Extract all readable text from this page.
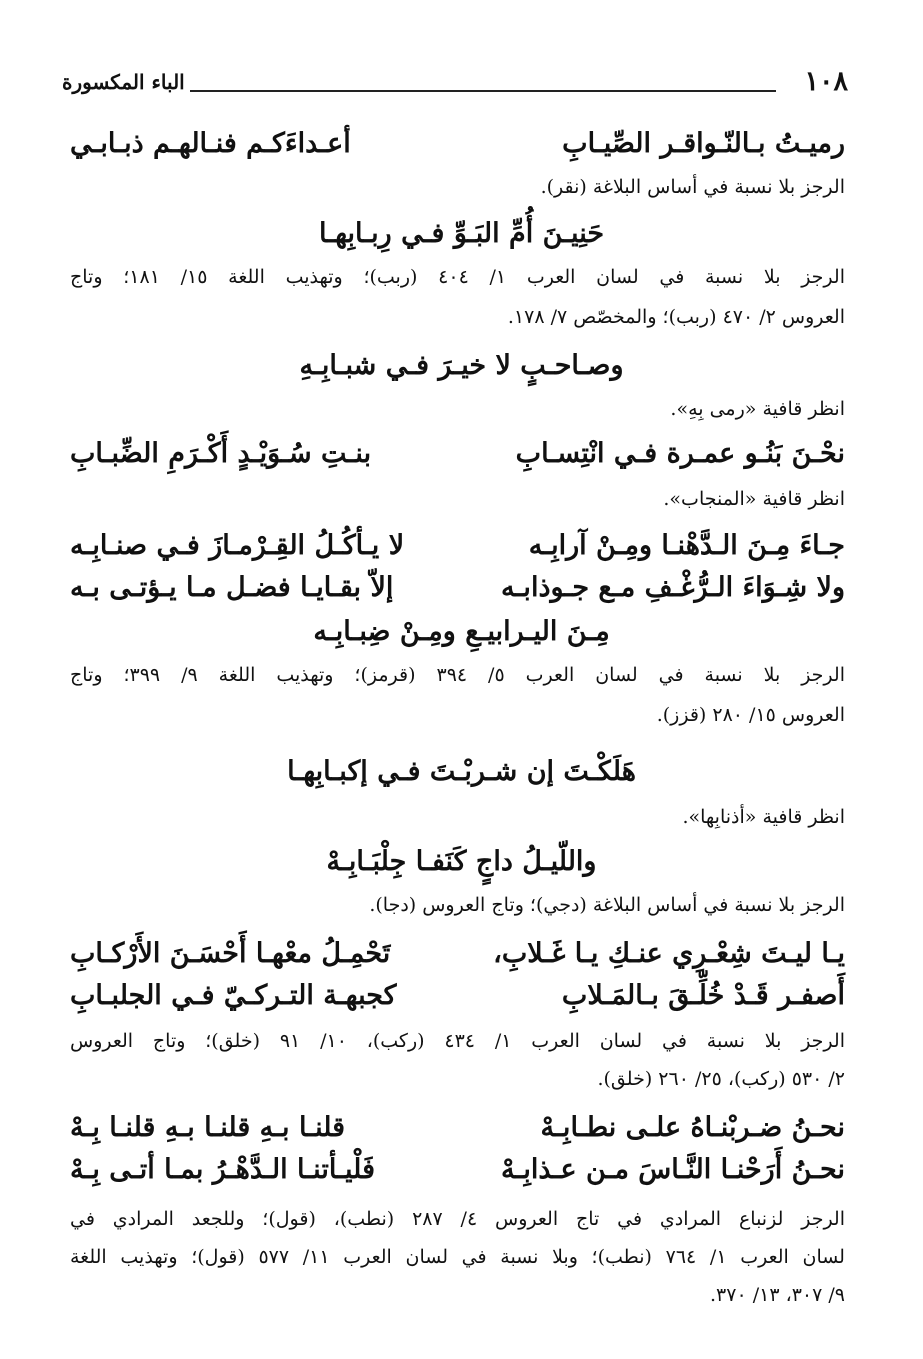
١٠٨
الباء المكسورة
رميـتُ بـالنّـواقـر الصِّيـابِ
أعـداءَكـم فنـالهـم ذبـابـي
الرجز بلا نسبة في أساس البلاغة (نقر).
حَنِيـنَ أُمِّ البَـوِّ فـي رِبـابِهـا
الرجز بلا نسبة في لسان العرب ١/ ٤٠٤ (ربب)؛ وتهذيب اللغة ١٥/ ١٨١؛ وتاج
العروس ٢/ ٤٧٠ (ربب)؛ والمخصّص ٧/ ١٧٨.
وصـاحـبٍ لا خيـرَ فـي شبـابِـهِ
انظر قافية «رمى بِهِ».
نحْـنَ بَنُـو عمـرة فـي انْتِسـابِ
بنـتِ سُـوَيْـدٍ أَكْـرَمِ الضِّبـابِ
انظر قافية «المنجاب».
جـاءَ مِـنَ الـدَّهْنـا ومِـنْ آرابِـه
لا يـأكُـلُ القِـرْمـازَ فـي صنـابِـه
ولا شِـوَاءَ الـرُّغْـفِ مـع جـوذابـه
إلاّ بقـايـا فضـل مـا يـؤتـى بـه
مِـنَ اليـرابيـعِ ومِـنْ ضِبـابِـه
الرجز بلا نسبة في لسان العرب ٥/ ٣٩٤ (قرمز)؛ وتهذيب اللغة ٩/ ٣٩٩؛ وتاج
العروس ١٥/ ٢٨٠ (قزز).
هَلَكْـتَ إن شـربْـتَ فـي إكبـابِهـا
انظر قافية «أذنابِها».
واللّيـلُ داجٍ كَنَفـا جِلْبَـابِـهْ
الرجز بلا نسبة في أساس البلاغة (دجي)؛ وتاج العروس (دجا).
يـا ليـتَ شِعْـرِي عنـكِ يـا غَـلابِ،
تَحْمِـلُ معْهـا أَحْسَـنَ الأَرْكـابِ
أَصفـر قَـدْ خُلِّـقَ بـالمَـلابِ
كجبهـة التـركـيّ فـي الجلبـابِ
الرجز بلا نسبة في لسان العرب ١/ ٤٣٤ (ركب)، ١٠/ ٩١ (خلق)؛ وتاج العروس
٢/ ٥٣٠ (ركب)، ٢٥/ ٢٦٠ (خلق).
نحـنُ ضـربْنـاهُ علـى نطـابِـهْ
قلنـا بـهِ قلنـا بـهِ قلنـا بِـهْ
نحـنُ أَرَحْنـا النَّـاسَ مـن عـذابِـهْ
فَلْيـأتنـا الـدَّهْـرُ بمـا أتـى بِـهْ
الرجز لزنباع المرادي في تاج العروس ٤/ ٢٨٧ (نطب)، (قول)؛ وللجعد المرادي في
لسان العرب ١/ ٧٦٤ (نطب)؛ وبلا نسبة في لسان العرب ١١/ ٥٧٧ (قول)؛ وتهذيب اللغة
٩/ ٣٠٧، ١٣/ ٣٧٠.
